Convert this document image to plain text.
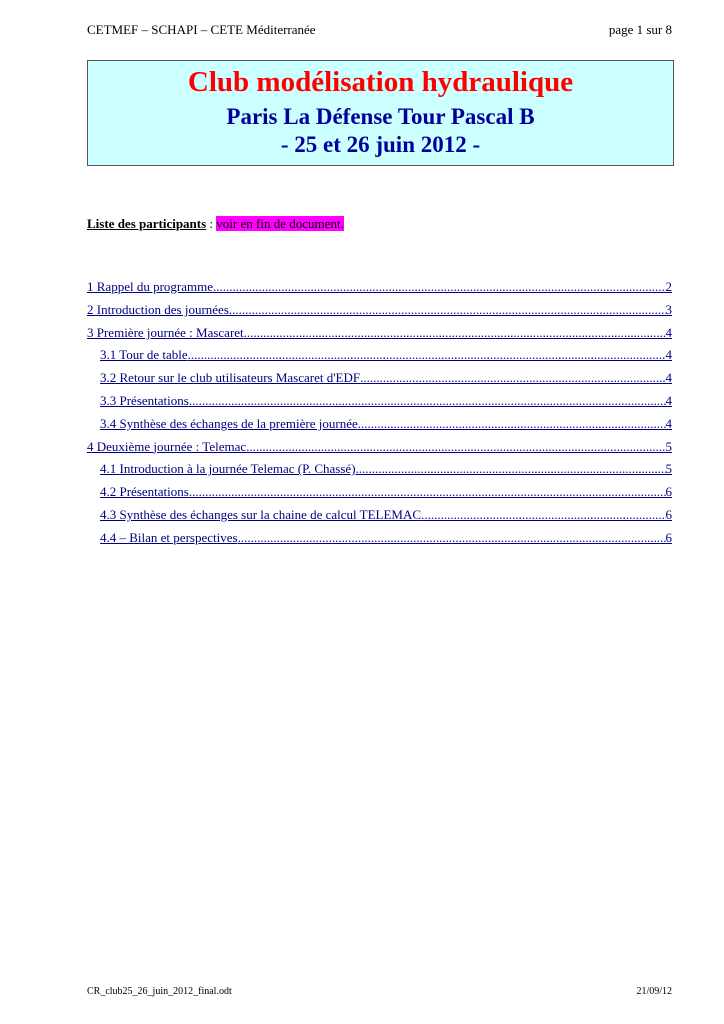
CETMEF – SCHAPI – CETE Méditerranée	page 1 sur 8
Club modélisation hydraulique
Paris La Défense Tour Pascal B
- 25 et 26 juin 2012 -
Liste des participants : voir en fin de document.
1 Rappel du programme .....	2
2 Introduction des journées .....	3
3 Première journée : Mascaret .....	4
3.1 Tour de table .....	4
3.2 Retour sur le club utilisateurs Mascaret d'EDF .....	4
3.3 Présentations .....	4
3.4 Synthèse des échanges de la première journée .....	4
4 Deuxième journée : Telemac .....	5
4.1 Introduction à la journée Telemac (P. Chassé) .....	5
4.2 Présentations .....	6
4.3 Synthèse des échanges sur la chaine de calcul TELEMAC .....	6
4.4 – Bilan et perspectives .....	6
CR_club25_26_juin_2012_final.odt	21/09/12
